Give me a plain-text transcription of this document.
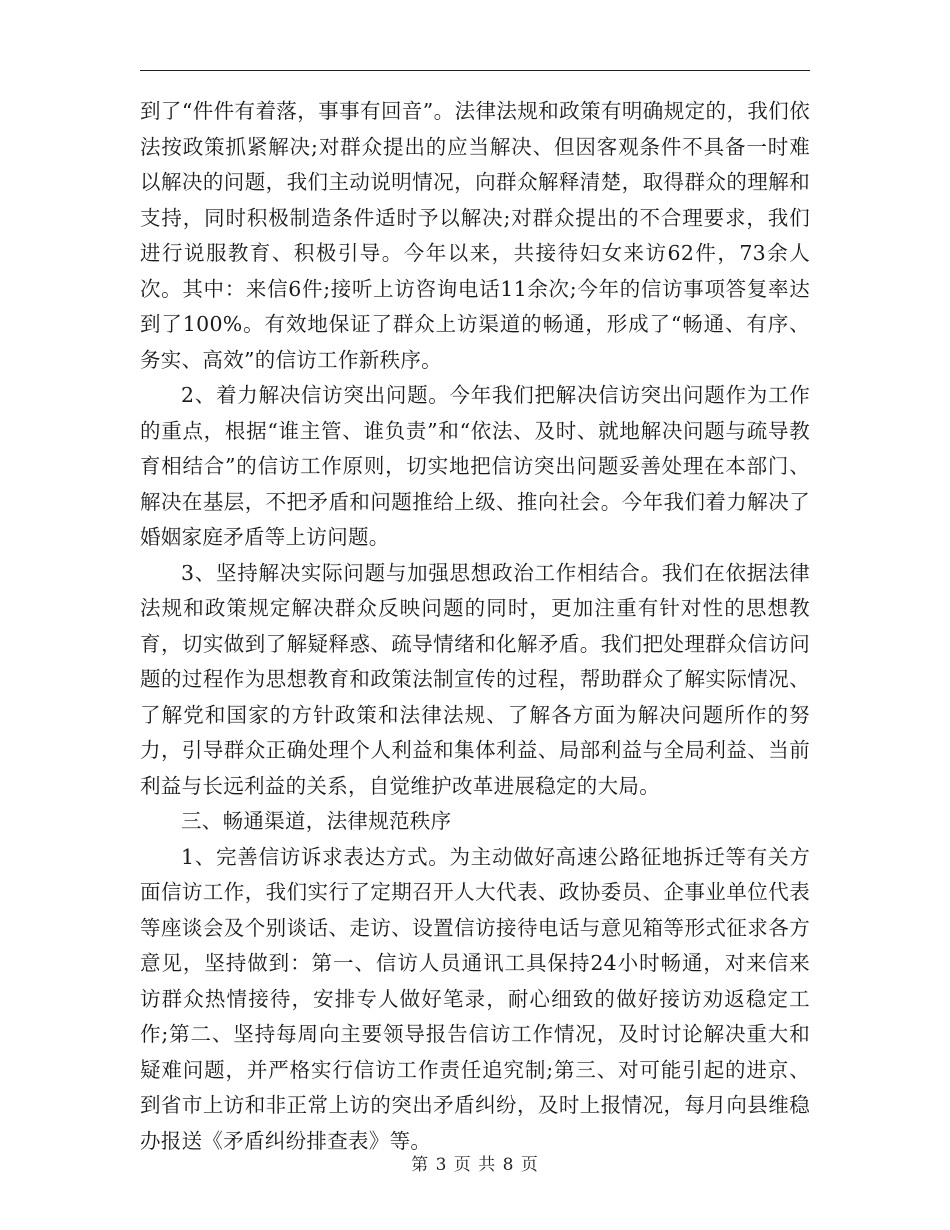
到了“件件有着落，事事有回音”。法律法规和政策有明确规定的，我们依法按政策抓紧解决;对群众提出的应当解决、但因客观条件不具备一时难以解决的问题，我们主动说明情况，向群众解释清楚，取得群众的理解和支持，同时积极制造条件适时予以解决;对群众提出的不合理要求，我们进行说服教育、积极引导。今年以来，共接待妇女来访62件，73余人次。其中：来信6件;接听上访咨询电话11余次;今年的信访事项答复率达到了100%。有效地保证了群众上访渠道的畅通，形成了“畅通、有序、务实、高效”的信访工作新秩序。

2、着力解决信访突出问题。今年我们把解决信访突出问题作为工作的重点，根据“谁主管、谁负责”和“依法、及时、就地解决问题与疏导教育相结合”的信访工作原则，切实地把信访突出问题妥善处理在本部门、解决在基层，不把矛盾和问题推给上级、推向社会。今年我们着力解决了婚姻家庭矛盾等上访问题。

3、坚持解决实际问题与加强思想政治工作相结合。我们在依据法律法规和政策规定解决群众反映问题的同时，更加注重有针对性的思想教育，切实做到了解疑释惑、疏导情绪和化解矛盾。我们把处理群众信访问题的过程作为思想教育和政策法制宣传的过程，帮助群众了解实际情况、了解党和国家的方针政策和法律法规、了解各方面为解决问题所作的努力，引导群众正确处理个人利益和集体利益、局部利益与全局利益、当前利益与长远利益的关系，自觉维护改革进展稳定的大局。

三、畅通渠道，法律规范秩序

1、完善信访诉求表达方式。为主动做好高速公路征地拆迁等有关方面信访工作，我们实行了定期召开人大代表、政协委员、企事业单位代表等座谈会及个别谈话、走访、设置信访接待电话与意见箱等形式征求各方意见，坚持做到：第一、信访人员通讯工具保持24小时畅通，对来信来访群众热情接待，安排专人做好笔录，耐心细致的做好接访劝返稳定工作;第二、坚持每周向主要领导报告信访工作情况，及时讨论解决重大和疑难问题，并严格实行信访工作责任追究制;第三、对可能引起的进京、到省市上访和非正常上访的突出矛盾纠纷，及时上报情况，每月向县维稳办报送《矛盾纠纷排查表》等。

第 3 页 共 8 页
